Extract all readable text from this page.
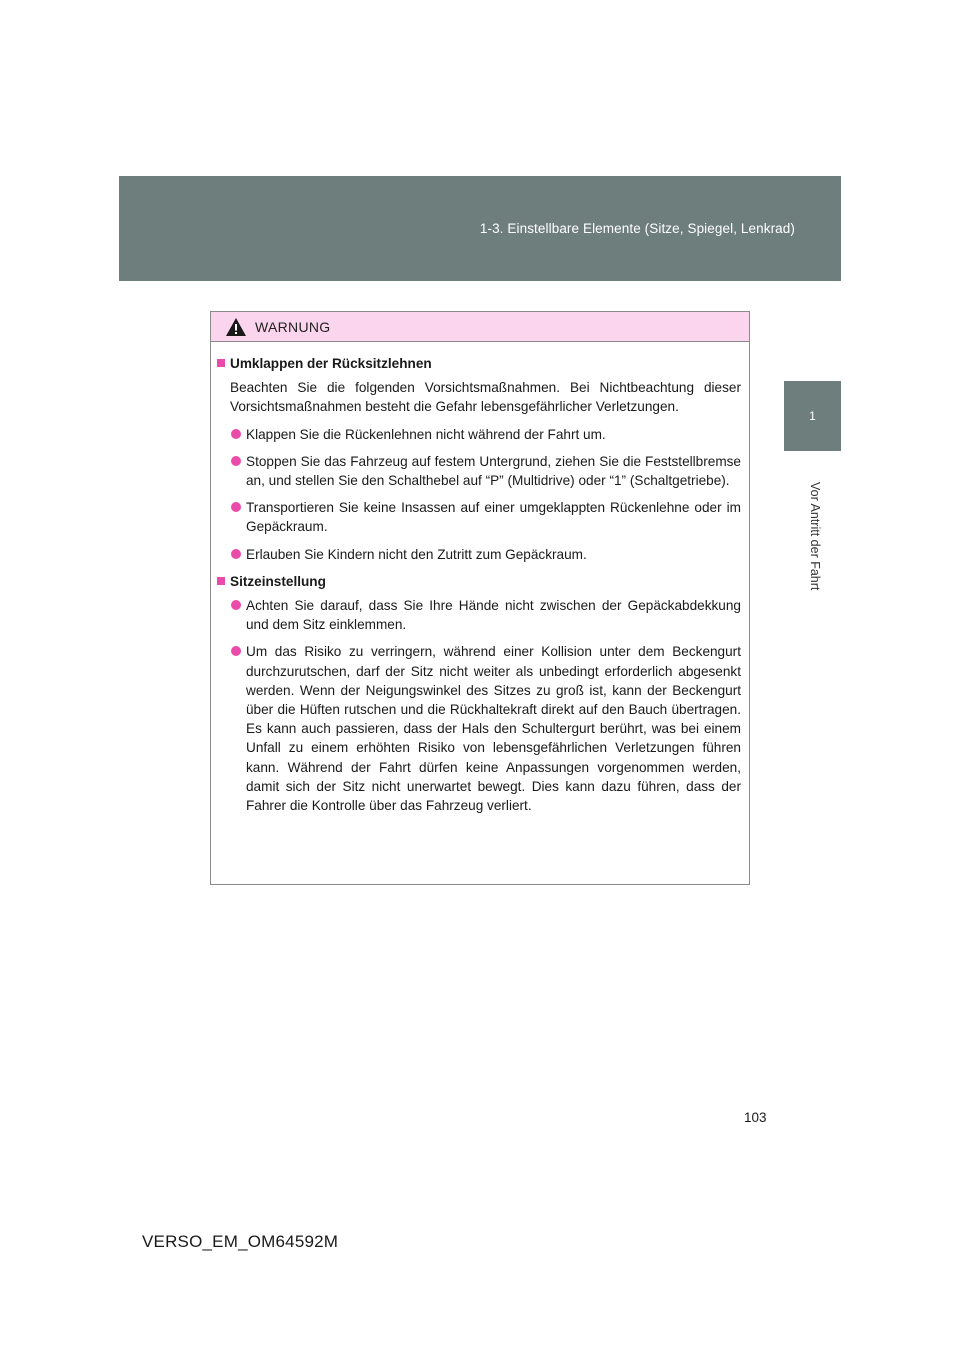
1-3. Einstellbare Elemente (Sitze, Spiegel, Lenkrad)
1
Vor Antritt der Fahrt
WARNUNG
Umklappen der Rücksitzlehnen
Beachten Sie die folgenden Vorsichtsmaßnahmen. Bei Nichtbeachtung dieser Vorsichtsmaßnahmen besteht die Gefahr lebensgefährlicher Verletzungen.
Klappen Sie die Rückenlehnen nicht während der Fahrt um.
Stoppen Sie das Fahrzeug auf festem Untergrund, ziehen Sie die Feststellbremse an, und stellen Sie den Schalthebel auf “P” (Multidrive) oder “1” (Schaltgetriebe).
Transportieren Sie keine Insassen auf einer umgeklappten Rückenlehne oder im Gepäckraum.
Erlauben Sie Kindern nicht den Zutritt zum Gepäckraum.
Sitzeinstellung
Achten Sie darauf, dass Sie Ihre Hände nicht zwischen der Gepäckabdekkung und dem Sitz einklemmen.
Um das Risiko zu verringern, während einer Kollision unter dem Beckengurt durchzurutschen, darf der Sitz nicht weiter als unbedingt erforderlich abgesenkt werden. Wenn der Neigungswinkel des Sitzes zu groß ist, kann der Beckengurt über die Hüften rutschen und die Rückhaltekraft direkt auf den Bauch übertragen. Es kann auch passieren, dass der Hals den Schultergurt berührt, was bei einem Unfall zu einem erhöhten Risiko von lebensgefährlichen Verletzungen führen kann. Während der Fahrt dürfen keine Anpassungen vorgenommen werden, damit sich der Sitz nicht unerwartet bewegt. Dies kann dazu führen, dass der Fahrer die Kontrolle über das Fahrzeug verliert.
103
VERSO_EM_OM64592M
